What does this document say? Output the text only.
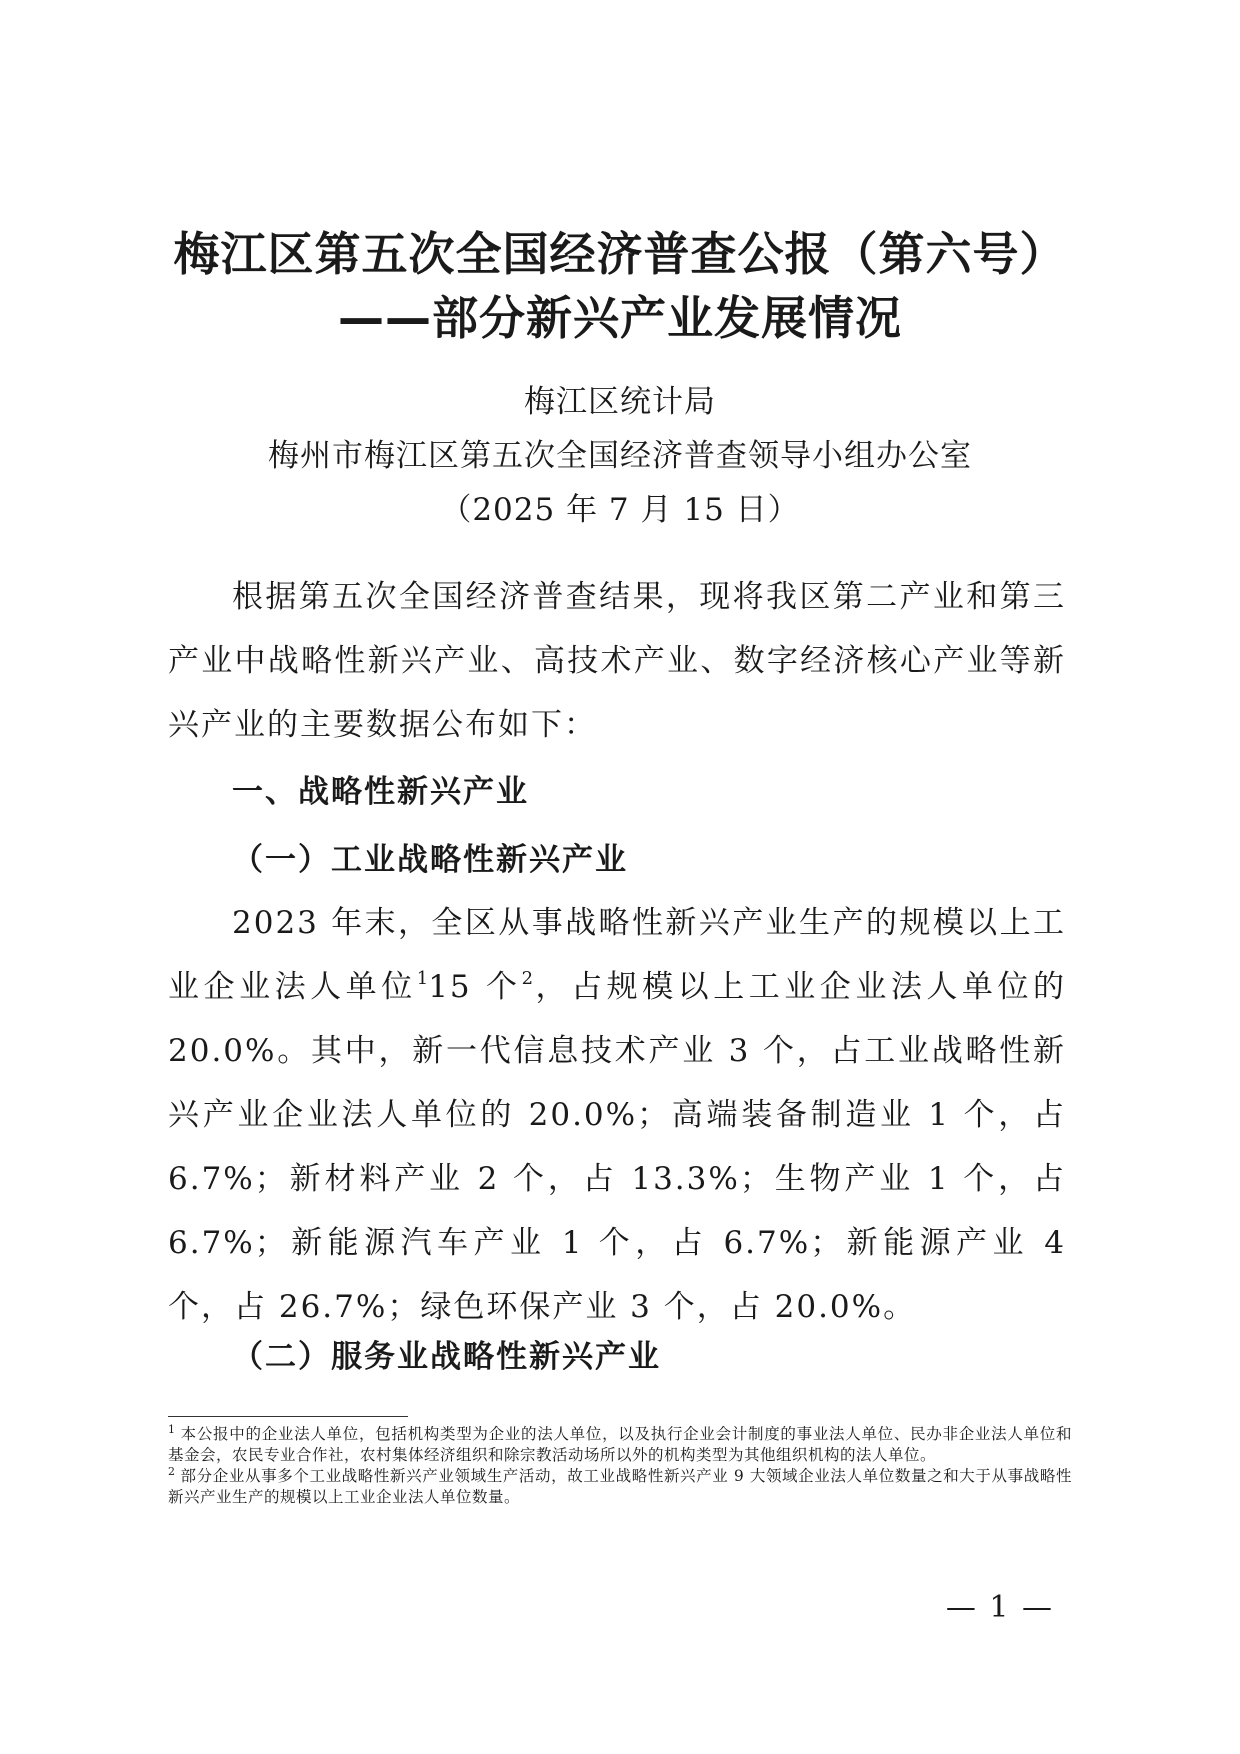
梅江区第五次全国经济普查公报（第六号）
——部分新兴产业发展情况
梅江区统计局
梅州市梅江区第五次全国经济普查领导小组办公室
（2025 年 7 月 15 日）

根据第五次全国经济普查结果，现将我区第二产业和第三产业中战略性新兴产业、高技术产业、数字经济核心产业等新兴产业的主要数据公布如下：

一、战略性新兴产业
（一）工业战略性新兴产业

2023 年末，全区从事战略性新兴产业生产的规模以上工业企业法人单位$^1$15 个$^2$，占规模以上工业企业法人单位的 20.0%。其中，新一代信息技术产业 3 个，占工业战略性新兴产业企业法人单位的 20.0%；高端装备制造业 1 个，占 6.7%；新材料产业 2 个，占 13.3%；生物产业 1 个，占 6.7%；新能源汽车产业 1 个，占 6.7%；新能源产业 4 个，占 26.7%；绿色环保产业 3 个，占 20.0%。

（二）服务业战略性新兴产业

$^1$ 本公报中的企业法人单位，包括机构类型为企业的法人单位，以及执行企业会计制度的事业法人单位、民办非企业法人单位和基金会，农民专业合作社，农村集体经济组织和除宗教活动场所以外的机构类型为其他组织机构的法人单位。

$^2$ 部分企业从事多个工业战略性新兴产业领域生产活动，故工业战略性新兴产业 9 大领域企业法人单位数量之和大于从事战略性新兴产业生产的规模以上工业企业法人单位数量。

— 1 —
